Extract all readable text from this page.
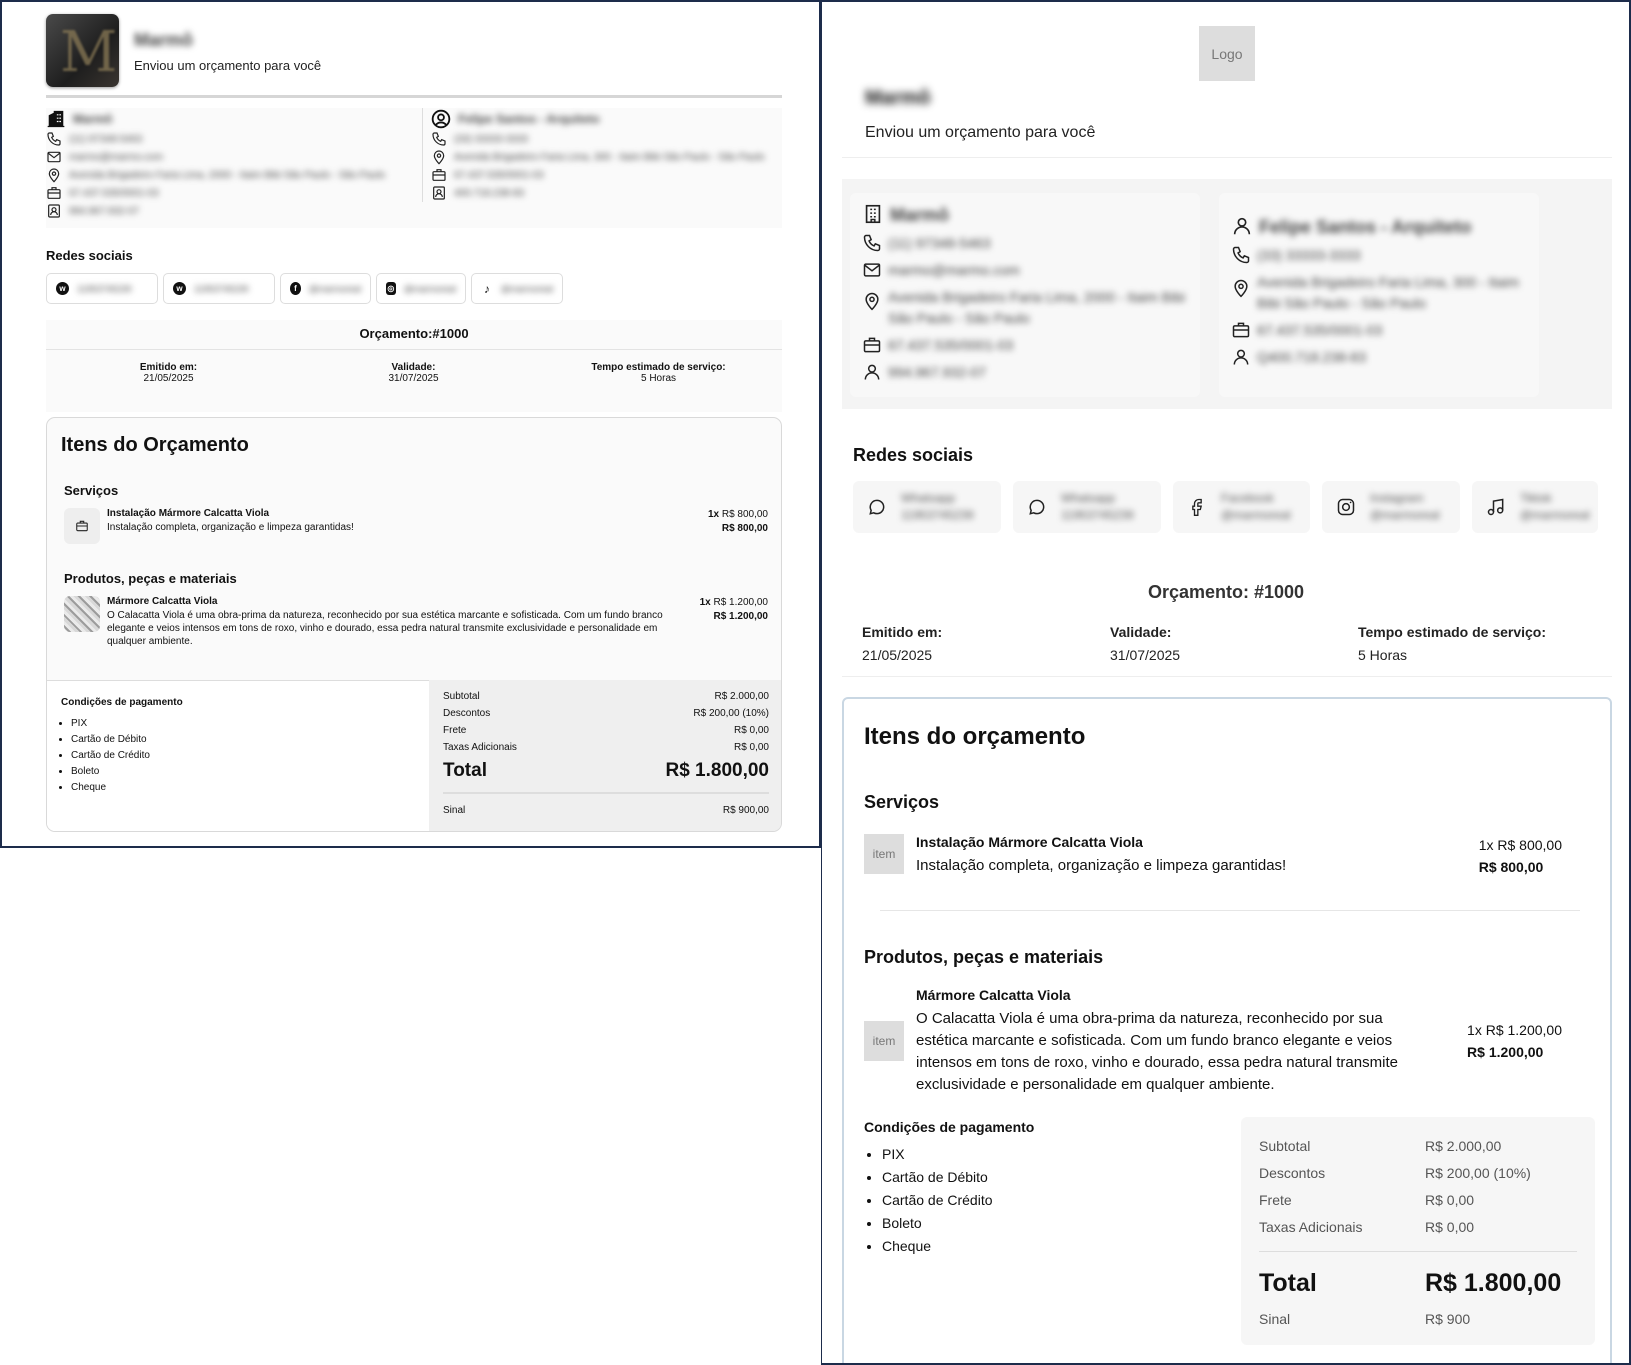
M Marmô
Enviou um orçamento para você
Marmô
(11) 97348-5463
marmo@marmo.com
Avenida Brigadeiro Faria Lima, 2000 - Itaim Bibi São Paulo - São Paulo
67.437.535/0001-03
994.967.932-07
Felipe Santos - Arquiteto
(33) 33333-3333
Avenida Brigadeiro Faria Lima, 300 - Itaim Bibi São Paulo - São Paulo
67.437.535/0001-03
400.718.238-83
Redes sociais
w	11953745239	w	11953745239	f	@marmoreal	◎ @marmoreal ♪	@marmoreal
Orçamento:#1000
Emitido em:
21/05/2025
Validade:
31/07/2025
Tempo estimado de serviço:
5 Horas
Itens do Orçamento
Serviços
Instalação Mármore Calcatta Viola
Instalação completa, organização e limpeza garantidas!
1x R$ 800,00
R$ 800,00
Produtos, peças e materiais
Mármore Calcatta Viola
O Calacatta Viola é uma obra-prima da natureza, reconhecido por sua estética marcante e sofisticada. Com um fundo branco elegante e veios intensos em tons de roxo, vinho e dourado, essa pedra natural transmite exclusividade e personalidade em qualquer ambiente.
1x R$ 1.200,00
R$ 1.200,00
Condições de pagamento
• PIX
• Cartão de Débito
• Cartão de Crédito
• Boleto
• Cheque
Subtotal	R$ 2.000,00
Descontos	R$ 200,00 (10%)
Frete	R$ 0,00
Taxas Adicionais	R$ 0,00
Total	R$ 1.800,00
Sinal	R$ 900,00
Logo
Marmô
Enviou um orçamento para você
Marmô
(11) 97348-5463
marmo@marmo.com
Avenida Brigadeiro Faria Lima, 2000 - Itaim Bibi São Paulo - São Paulo
67.437.535/0001-03
994.967.932-07
Felipe Santos - Arquiteto
(33) 33333-3333
Avenida Brigadeiro Faria Lima, 300 - Itaim Bibi São Paulo - São Paulo
67.437.535/0001-03
Q400.718.238-83
Redes sociais
Whatsapp
11953745239
Whatsapp
11953745239
Facebook
@marmoreal
Instagram
@marmoreal
Tiktok
@marmoreal
Orçamento: #1000
Emitido em:
21/05/2025
Validade:
31/07/2025
Tempo estimado de serviço:
5 Horas
Itens do orçamento
Serviços
item
Instalação Mármore Calcatta Viola
Instalação completa, organização e limpeza garantidas!
1x R$ 800,00
R$ 800,00
Produtos, peças e materiais
item
Mármore Calcatta Viola
O Calacatta Viola é uma obra-prima da natureza, reconhecido por sua estética marcante e sofisticada. Com um fundo branco elegante e veios intensos em tons de roxo, vinho e dourado, essa pedra natural transmite exclusividade e personalidade em qualquer ambiente.
1x R$ 1.200,00
R$ 1.200,00
Condições de pagamento
• PIX
• Cartão de Débito
• Cartão de Crédito
• Boleto
• Cheque
Subtotal	R$ 2.000,00
Descontos	R$ 200,00 (10%)
Frete	R$ 0,00
Taxas Adicionais	R$ 0,00
Total	R$ 1.800,00
Sinal	R$ 900
